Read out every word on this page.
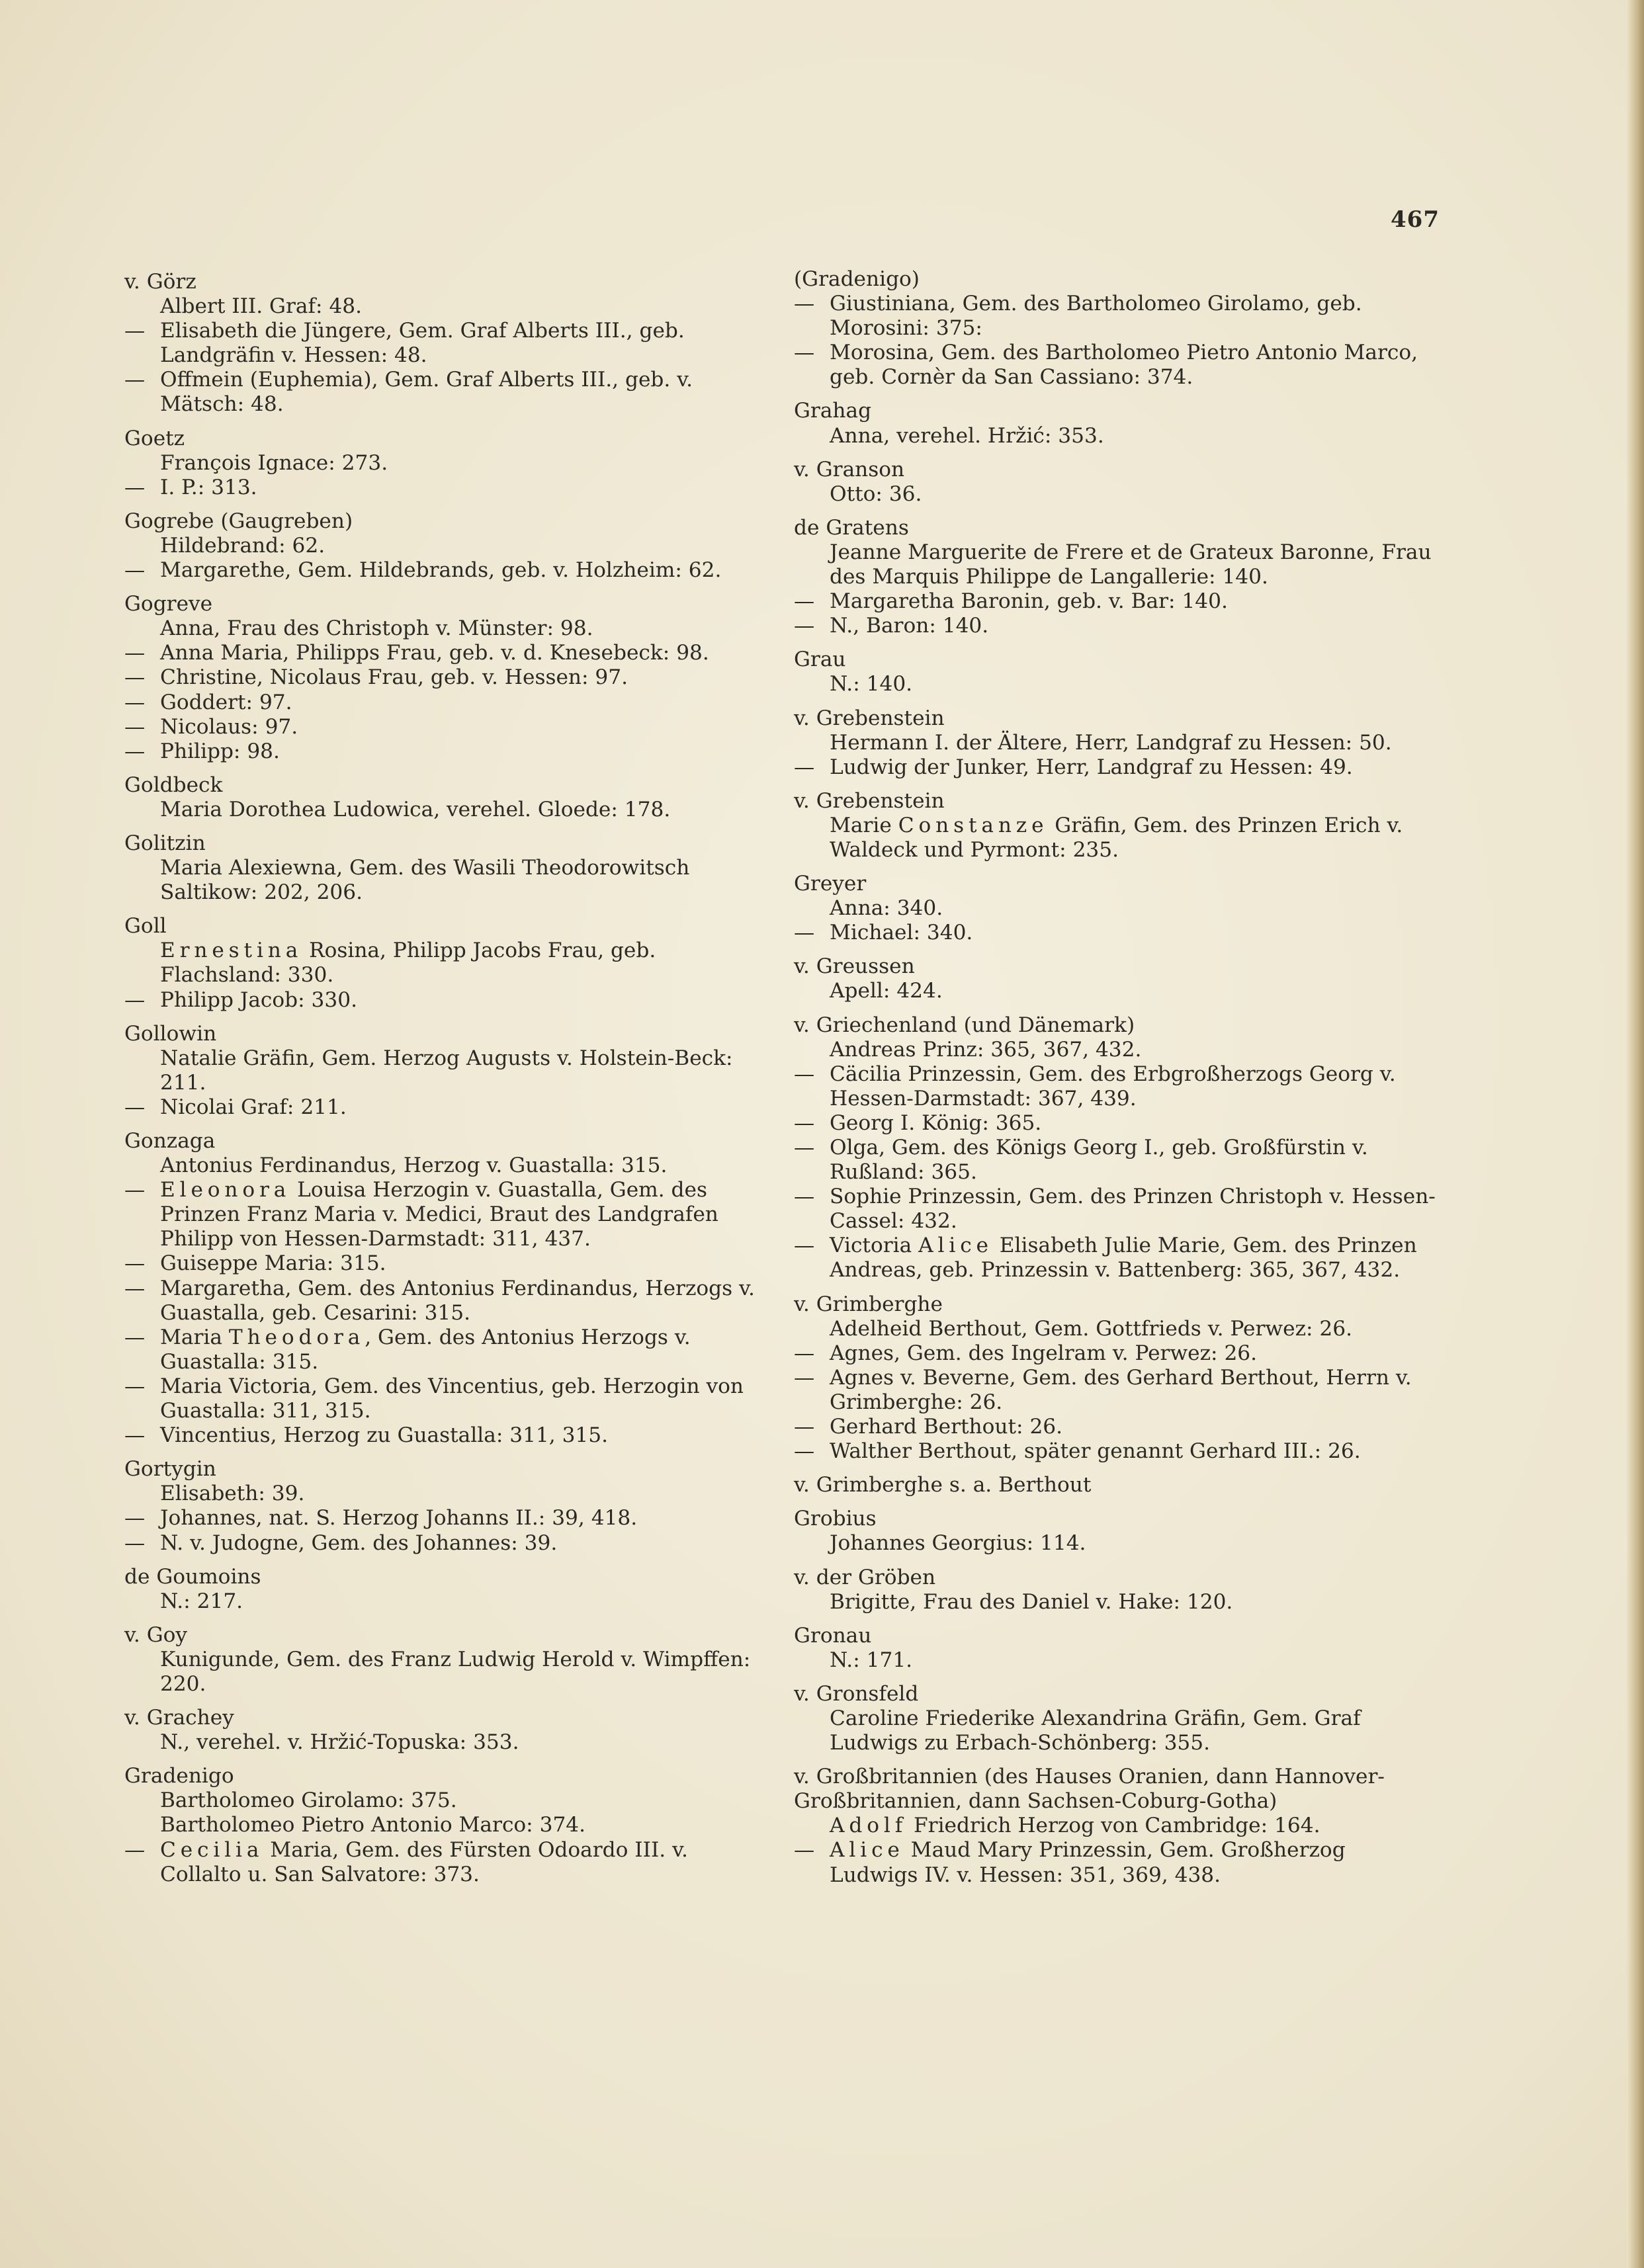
467
v. Görz
Albert III. Graf: 48.
— Elisabeth die Jüngere, Gem. Graf Alberts III., geb. Landgräfin v. Hessen: 48.
— Offmein (Euphemia), Gem. Graf Alberts III., geb. v. Mätsch: 48.
Goetz
François Ignace: 273.
— I. P.: 313.
Gogrebe (Gaugreben)
Hildebrand: 62.
— Margarethe, Gem. Hildebrands, geb. v. Holzheim: 62.
Gogreve
Anna, Frau des Christoph v. Münster: 98.
— Anna Maria, Philipps Frau, geb. v. d. Knesebeck: 98.
— Christine, Nicolaus Frau, geb. v. Hessen: 97.
— Goddert: 97.
— Nicolaus: 97.
— Philipp: 98.
Goldbeck
Maria Dorothea Ludowica, verehel. Gloede: 178.
Golitzin
Maria Alexiewna, Gem. des Wasili Theodorowitsch Saltikow: 202, 206.
Goll
Ernestina Rosina, Philipp Jacobs Frau, geb. Flachsland: 330.
— Philipp Jacob: 330.
Gollowin
Natalie Gräfin, Gem. Herzog Augusts v. Holstein-Beck: 211.
— Nicolai Graf: 211.
Gonzaga
Antonius Ferdinandus, Herzog v. Guastalla: 315.
— Eleonora Louisa Herzogin v. Guastalla, Gem. des Prinzen Franz Maria v. Medici, Braut des Landgrafen Philipp von Hessen-Darmstadt: 311, 437.
— Guiseppe Maria: 315.
— Margaretha, Gem. des Antonius Ferdinandus, Herzogs v. Guastalla, geb. Cesarini: 315.
— Maria Theodora, Gem. des Antonius Herzogs v. Guastalla: 315.
— Maria Victoria, Gem. des Vincentius, geb. Herzogin von Guastalla: 311, 315.
— Vincentius, Herzog zu Guastalla: 311, 315.
Gortygin
Elisabeth: 39.
— Johannes, nat. S. Herzog Johanns II.: 39, 418.
— N. v. Judogne, Gem. des Johannes: 39.
de Goumoins
N.: 217.
v. Goy
Kunigunde, Gem. des Franz Ludwig Herold v. Wimpffen: 220.
v. Grachey
N., verehel. v. Hržić-Topuska: 353.
Gradenigo
Bartholomeo Girolamo: 375.
Bartholomeo Pietro Antonio Marco: 374.
— Cecilia Maria, Gem. des Fürsten Odoardo III. v. Collalto u. San Salvatore: 373.
(Gradenigo)
— Giustiniana, Gem. des Bartholomeo Girolamo, geb. Morosini: 375:
— Morosina, Gem. des Bartholomeo Pietro Antonio Marco, geb. Cornèr da San Cassiano: 374.
Grahag
Anna, verehel. Hržić: 353.
v. Granson
Otto: 36.
de Gratens
Jeanne Marguerite de Frere et de Grateux Baronne, Frau des Marquis Philippe de Langallerie: 140.
— Margaretha Baronin, geb. v. Bar: 140.
— N., Baron: 140.
Grau
N.: 140.
v. Grebenstein
Hermann I. der Ältere, Herr, Landgraf zu Hessen: 50.
— Ludwig der Junker, Herr, Landgraf zu Hessen: 49.
v. Grebenstein
Marie Constanze Gräfin, Gem. des Prinzen Erich v. Waldeck und Pyrmont: 235.
Greyer
Anna: 340.
— Michael: 340.
v. Greussen
Apell: 424.
v. Griechenland (und Dänemark)
Andreas Prinz: 365, 367, 432.
— Cäcilia Prinzessin, Gem. des Erbgroßherzogs Georg v. Hessen-Darmstadt: 367, 439.
— Georg I. König: 365.
— Olga, Gem. des Königs Georg I., geb. Großfürstin v. Rußland: 365.
— Sophie Prinzessin, Gem. des Prinzen Christoph v. Hessen-Cassel: 432.
— Victoria Alice Elisabeth Julie Marie, Gem. des Prinzen Andreas, geb. Prinzessin v. Battenberg: 365, 367, 432.
v. Grimberghe
Adelheid Berthout, Gem. Gottfrieds v. Perwez: 26.
— Agnes, Gem. des Ingelram v. Perwez: 26.
— Agnes v. Beverne, Gem. des Gerhard Berthout, Herrn v. Grimberghe: 26.
— Gerhard Berthout: 26.
— Walther Berthout, später genannt Gerhard III.: 26.
v. Grimberghe s. a. Berthout
Grobius
Johannes Georgius: 114.
v. der Gröben
Brigitte, Frau des Daniel v. Hake: 120.
Gronau
N.: 171.
v. Gronsfeld
Caroline Friederike Alexandrina Gräfin, Gem. Graf Ludwigs zu Erbach-Schönberg: 355.
v. Großbritannien (des Hauses Oranien, dann Hannover-Großbritannien, dann Sachsen-Coburg-Gotha)
Adolf Friedrich Herzog von Cambridge: 164.
— Alice Maud Mary Prinzessin, Gem. Großherzog Ludwigs IV. v. Hessen: 351, 369, 438.
